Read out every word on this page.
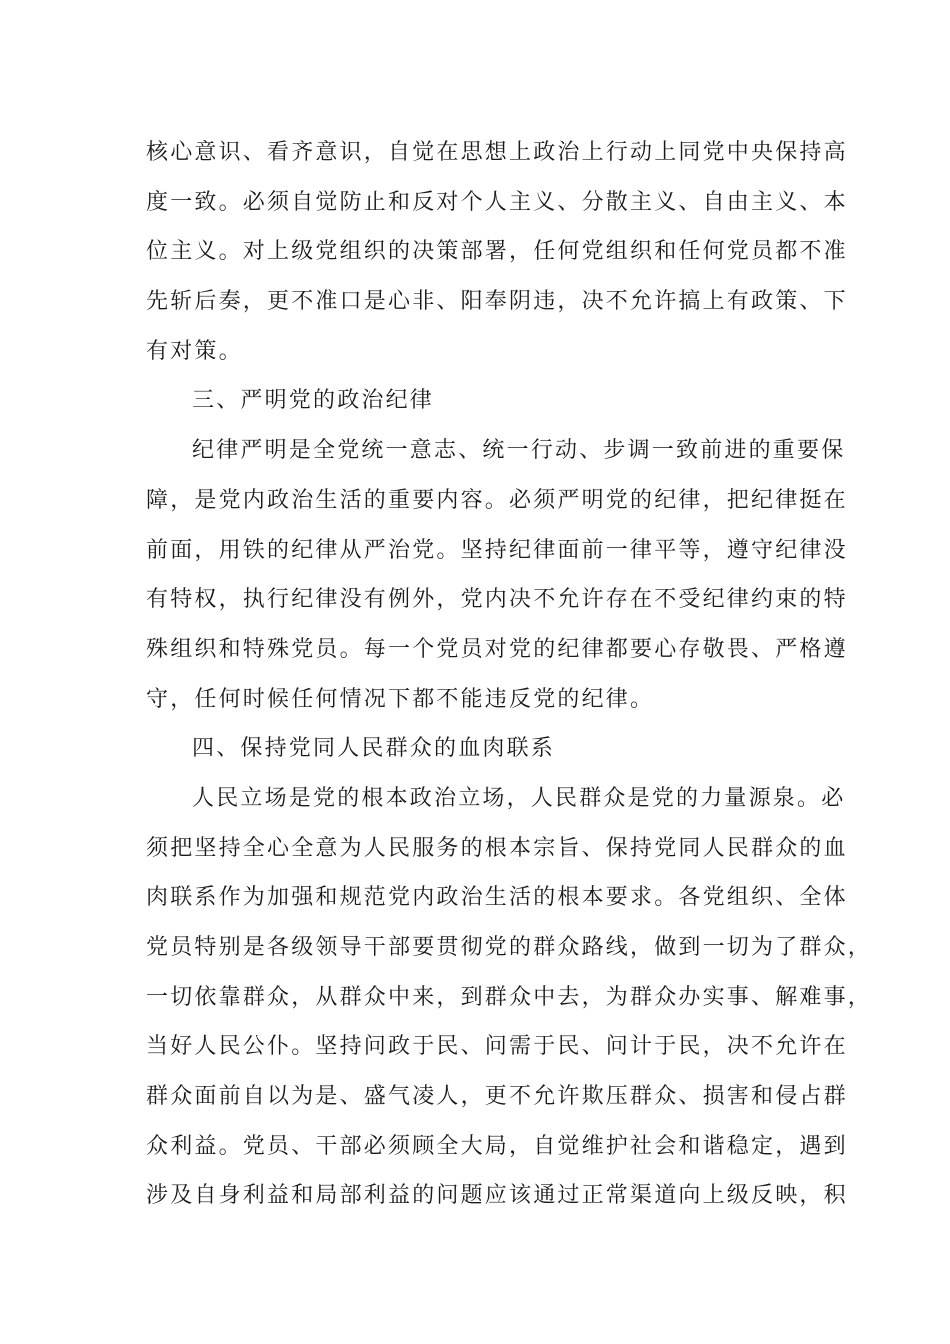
核心意识、看齐意识，自觉在思想上政治上行动上同党中央保持高
度一致。必须自觉防止和反对个人主义、分散主义、自由主义、本
位主义。对上级党组织的决策部署，任何党组织和任何党员都不准
先斩后奏，更不准口是心非、阳奉阴违，决不允许搞上有政策、下
有对策。
三、严明党的政治纪律
纪律严明是全党统一意志、统一行动、步调一致前进的重要保
障，是党内政治生活的重要内容。必须严明党的纪律，把纪律挺在
前面，用铁的纪律从严治党。坚持纪律面前一律平等，遵守纪律没
有特权，执行纪律没有例外，党内决不允许存在不受纪律约束的特
殊组织和特殊党员。每一个党员对党的纪律都要心存敬畏、严格遵
守，任何时候任何情况下都不能违反党的纪律。
四、保持党同人民群众的血肉联系
人民立场是党的根本政治立场，人民群众是党的力量源泉。必
须把坚持全心全意为人民服务的根本宗旨、保持党同人民群众的血
肉联系作为加强和规范党内政治生活的根本要求。各党组织、全体
党员特别是各级领导干部要贯彻党的群众路线，做到一切为了群众，
一切依靠群众，从群众中来，到群众中去，为群众办实事、解难事，
当好人民公仆。坚持问政于民、问需于民、问计于民，决不允许在
群众面前自以为是、盛气凌人，更不允许欺压群众、损害和侵占群
众利益。党员、干部必须顾全大局，自觉维护社会和谐稳定，遇到
涉及自身利益和局部利益的问题应该通过正常渠道向上级反映，积
